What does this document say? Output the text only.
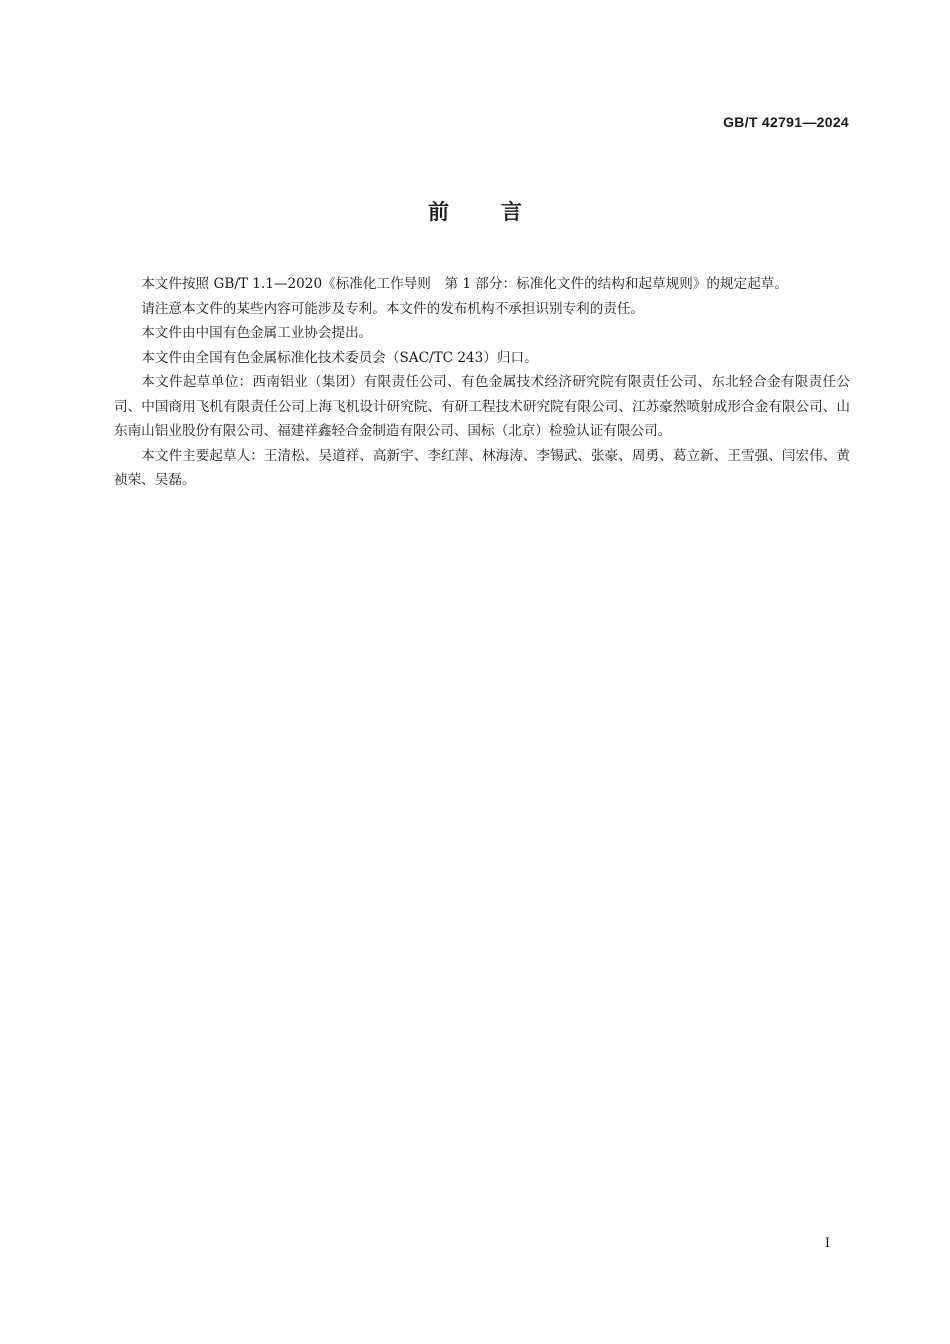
GB/T 42791—2024
前言

本文件按照 GB/T 1.1—2020《标准化工作导则　第 1 部分：标准化文件的结构和起草规则》的规定起草。

请注意本文件的某些内容可能涉及专利。本文件的发布机构不承担识别专利的责任。

本文件由中国有色金属工业协会提出。

本文件由全国有色金属标准化技术委员会（SAC/TC 243）归口。

本文件起草单位：西南铝业（集团）有限责任公司、有色金属技术经济研究院有限责任公司、东北轻合金有限责任公司、中国商用飞机有限责任公司上海飞机设计研究院、有研工程技术研究院有限公司、江苏豪然喷射成形合金有限公司、山东南山铝业股份有限公司、福建祥鑫轻合金制造有限公司、国标（北京）检验认证有限公司。

本文件主要起草人：王清松、吴道祥、高新宇、李红萍、林海涛、李锡武、张豪、周勇、葛立新、王雪强、闫宏伟、黄祯荣、吴磊。

I
